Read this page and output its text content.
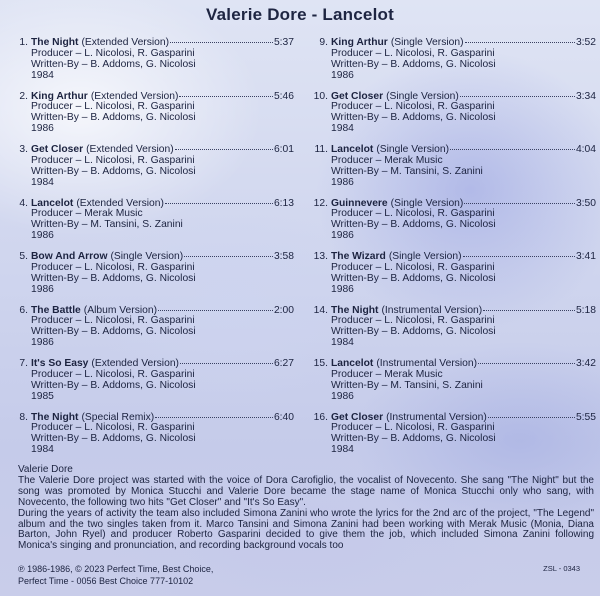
Valerie Dore - Lancelot
1. The Night (Extended Version)	5:37
Producer – L. Nicolosi, R. Gasparini
Written-By – B. Addoms, G. Nicolosi
1984
2. King Arthur (Extended Version)	5:46
Producer – L. Nicolosi, R. Gasparini
Written-By – B. Addoms, G. Nicolosi
1986
3. Get Closer (Extended Version)	6:01
Producer – L. Nicolosi, R. Gasparini
Written-By – B. Addoms, G. Nicolosi
1984
4. Lancelot (Extended Version)	6:13
Producer – Merak Music
Written-By – M. Tansini, S. Zanini
1986
5. Bow And Arrow (Single Version)	3:58
Producer – L. Nicolosi, R. Gasparini
Written-By – B. Addoms, G. Nicolosi
1986
6. The Battle (Album Version)	2:00
Producer – L. Nicolosi, R. Gasparini
Written-By – B. Addoms, G. Nicolosi
1986
7. It's So Easy (Extended Version)	6:27
Producer – L. Nicolosi, R. Gasparini
Written-By – B. Addoms, G. Nicolosi
1985
8. The Night (Special Remix)	6:40
Producer – L. Nicolosi, R. Gasparini
Written-By – B. Addoms, G. Nicolosi
1984
9. King Arthur (Single Version)	3:52
Producer – L. Nicolosi, R. Gasparini
Written-By – B. Addoms, G. Nicolosi
1986
10. Get Closer (Single Version)	3:34
Producer – L. Nicolosi, R. Gasparini
Written-By – B. Addoms, G. Nicolosi
1984
11. Lancelot (Single Version)	4:04
Producer – Merak Music
Written-By – M. Tansini, S. Zanini
1986
12. Guinnevere (Single Version)	3:50
Producer – L. Nicolosi, R. Gasparini
Written-By – B. Addoms, G. Nicolosi
1986
13. The Wizard (Single Version)	3:41
Producer – L. Nicolosi, R. Gasparini
Written-By – B. Addoms, G. Nicolosi
1986
14. The Night (Instrumental Version)	5:18
Producer – L. Nicolosi, R. Gasparini
Written-By – B. Addoms, G. Nicolosi
1984
15. Lancelot (Instrumental Version)	3:42
Producer – Merak Music
Written-By – M. Tansini, S. Zanini
1986
16. Get Closer (Instrumental Version)	5:55
Producer – L. Nicolosi, R. Gasparini
Written-By – B. Addoms, G. Nicolosi
1984

Valerie Dore

The Valerie Dore project was started with the voice of Dora Carofiglio, the vocalist of Novecento. She sang "The Night" but the song was promoted by Monica Stucchi and Valerie Dore became the stage name of Monica Stucchi only who sang, with Novecento, the following two hits "Get Closer" and "It's So Easy".

During the years of activity the team also included Simona Zanini who wrote the lyrics for the 2nd arc of the project, "The Legend" album and the two singles taken from it. Marco Tansini and Simona Zanini had been working with Merak Music (Monia, Diana Barton, John Ryel) and producer Roberto Gasparini decided to give them the job, which included Simona Zanini following Monica's singing and pronunciation, and recording background vocals too

℗ 1986-1986, © 2023 Perfect Time, Best Choice,
Perfect Time - 0056 Best Choice 777-10102
ZSL - 0343
